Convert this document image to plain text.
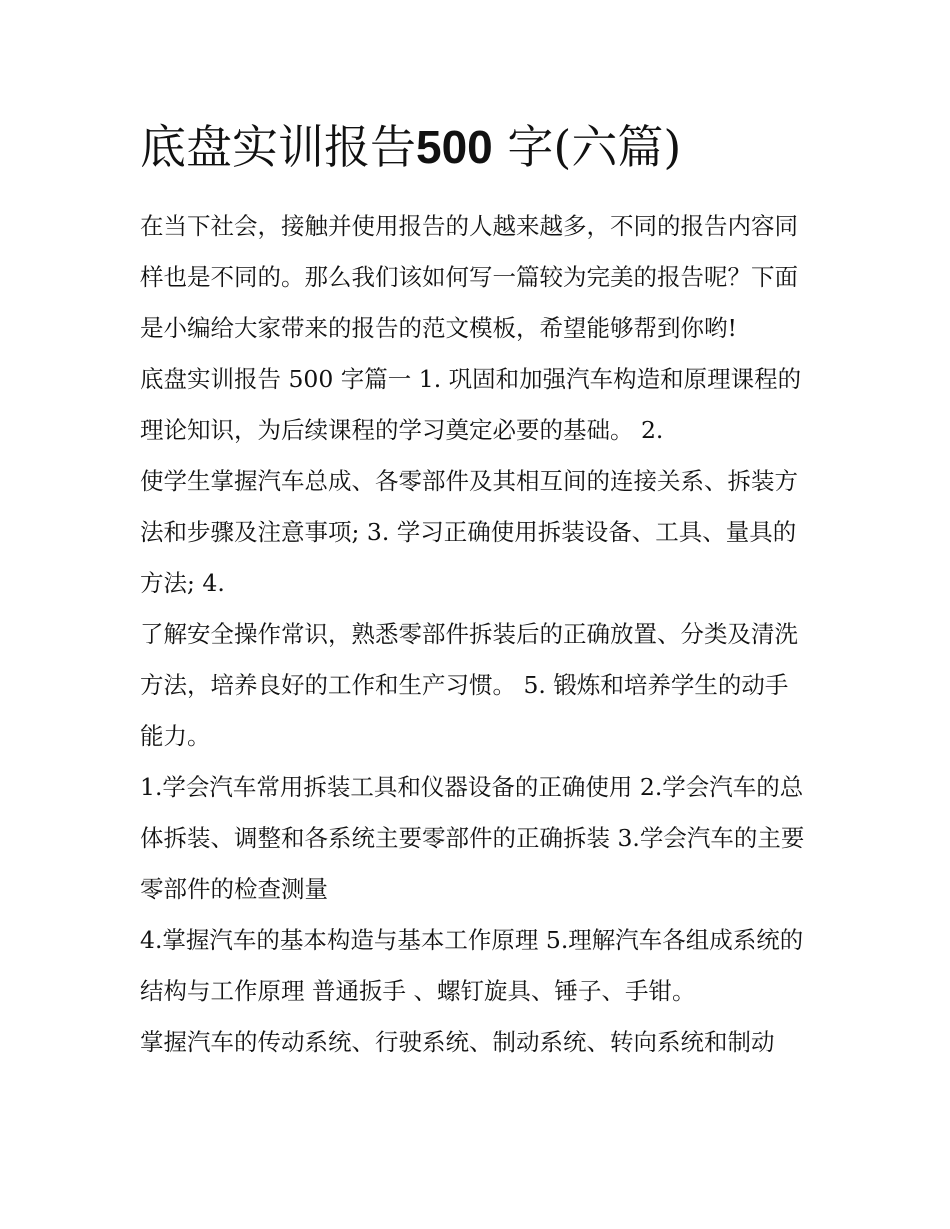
底盘实训报告500 字(六篇)

在当下社会，接触并使用报告的人越来越多，不同的报告内容同样也是不同的。那么我们该如何写一篇较为完美的报告呢？下面是小编给大家带来的报告的范文模板，希望能够帮到你哟!

底盘实训报告 500 字篇一 1. 巩固和加强汽车构造和原理课程的理论知识，为后续课程的学习奠定必要的基础。 2.

使学生掌握汽车总成、各零部件及其相互间的连接关系、拆装方法和步骤及注意事项; 3. 学习正确使用拆装设备、工具、量具的方法; 4.

了解安全操作常识，熟悉零部件拆装后的正确放置、分类及清洗方法，培养良好的工作和生产习惯。 5. 锻炼和培养学生的动手能力。

1.学会汽车常用拆装工具和仪器设备的正确使用 2.学会汽车的总体拆装、调整和各系统主要零部件的正确拆装 3.学会汽车的主要零部件的检查测量

4.掌握汽车的基本构造与基本工作原理 5.理解汽车各组成系统的结构与工作原理 普通扳手 、螺钉旋具、锤子、手钳。

掌握汽车的传动系统、行驶系统、制动系统、转向系统和制动
